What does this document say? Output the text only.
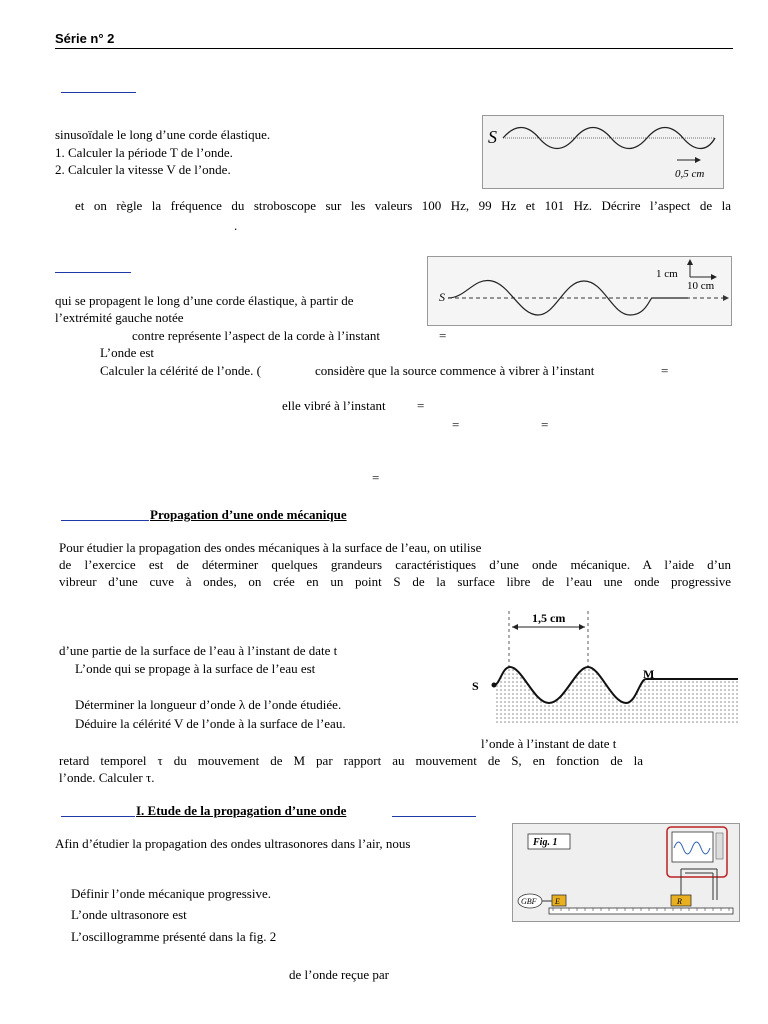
Série n° 2
sinusoïdale le long d’une corde élastique.
1. Calculer la période T de l’onde.
2. Calculer la vitesse V de l’onde.
et on règle la fréquence du stroboscope sur les valeurs 100 Hz, 99 Hz et 101 Hz. Décrire l’aspect de la
.
S
0,5 cm
qui se propagent le long d’une corde élastique, à partir de
l’extrémité gauche notée
contre représente l’aspect de la corde à l’instant	=
L’onde est
Calculer la célérité de l’onde. (	considère que la source commence à vibrer à l’instant	=
elle vibré à l’instant =
=	=
=
S
1 cm
10 cm
Propagation d’une onde mécanique
Pour étudier la propagation des ondes mécaniques à la surface de l’eau, on utilise
de l’exercice est de déterminer quelques grandeurs caractéristiques d’une onde mécanique. A l’aide d’un
vibreur d’une cuve à ondes, on crée en un point S de la surface libre de l’eau une onde progressive
d’une partie de la surface de l’eau à l’instant de date t
L’onde qui se propage à la surface de l’eau est
Déterminer la longueur d’onde λ de l’onde étudiée.
Déduire la célérité V de l’onde à la surface de l’eau.
l’onde à l’instant de date t
retard temporel τ du mouvement de M par rapport au mouvement de S, en fonction de la
l’onde. Calculer τ.
1,5 cm
S
M
I. Etude de la propagation d’une onde
Afin d’étudier la propagation des ondes ultrasonores dans l’air, nous
Définir l’onde mécanique progressive.
L’onde ultrasonore est
L’oscillogramme présenté dans la fig. 2
de l’onde reçue par
Fig. 1
GBF E	R
